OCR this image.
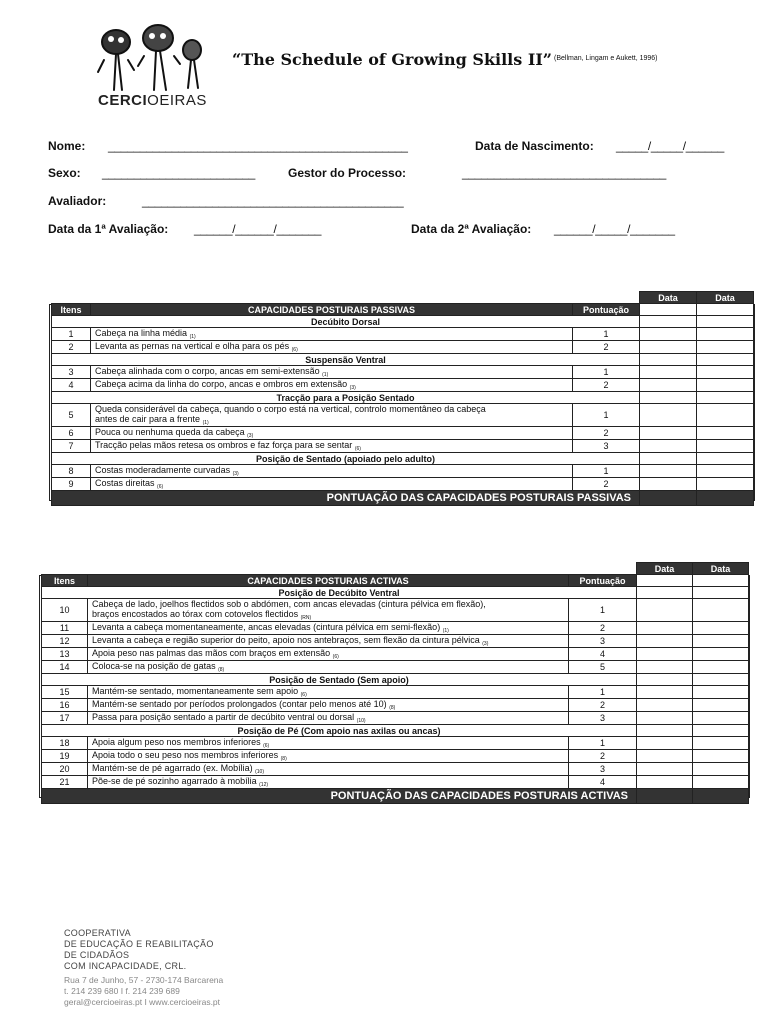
CERCIOEIRAS
“The Schedule of Growing Skills II” (Bellman, Lingam e Aukett, 1996)
Nome: _______________________________________________	Data de Nascimento: _____/_____/______
Sexo: ________________________	Gestor do Processo:	________________________________
Avaliador:	_________________________________________
Data da 1ª Avaliação: ______/______/_______	Data da 2ª Avaliação: ______/_____/_______
			Data	Data
Itens	CAPACIDADES POSTURAIS PASSIVAS	Pontuação		
Decúbito Dorsal				
1	Cabeça na linha média $_{(1)}$	1		
2	Levanta as pernas na vertical e olha para os pés $_{(6)}$	2		
Suspensão Ventral				
3	Cabeça alinhada com o corpo, ancas em semi-extensão $_{(1)}$	1		
4	Cabeça acima da linha do corpo, ancas e ombros em extensão $_{(3)}$	2		
Tracção para a Posição Sentado				
5	Queda considerável da cabeça, quando o corpo está na vertical, controlo momentâneo da cabeça
antes de cair para a frente $_{(1)}$	1		
6	Pouca ou nenhuma queda da cabeça $_{(3)}$	2		
7	Tracção pelas mãos retesa os ombros e faz força para se sentar $_{(6)}$	3		
Posição de Sentado (apoiado pelo adulto)				
8	Costas moderadamente curvadas $_{(3)}$	1		
9	Costas direitas $_{(6)}$	2		
PONTUAÇÃO DAS CAPACIDADES POSTURAIS PASSIVAS				
			Data	Data
Itens	CAPACIDADES POSTURAIS ACTIVAS	Pontuação		
Posição de Decúbito Ventral				
10	Cabeça de lado, joelhos flectidos sob o abdómen, com ancas elevadas (cintura pélvica em flexão),
braços encostados ao tórax com cotovelos flectidos $_{(RN)}$	1		
11	Levanta a cabeça momentaneamente, ancas elevadas (cintura pélvica em semi-flexão) $_{(1)}$	2		
12	Levanta a cabeça e região superior do peito, apoio nos antebraços, sem flexão da cintura pélvica $_{(3)}$	3		
13	Apoia peso nas palmas das mãos com braços em extensão $_{(6)}$	4		
14	Coloca-se na posição de gatas $_{(8)}$	5		
Posição de Sentado (Sem apoio)				
15	Mantém-se sentado, momentaneamente sem apoio $_{(6)}$	1		
16	Mantém-se sentado por períodos prolongados (contar pelo menos até 10) $_{(8)}$	2		
17	Passa para posição sentado a partir de decúbito ventral ou dorsal $_{(10)}$	3		
Posição de Pé (Com apoio nas axilas ou ancas)				
18	Apoia algum peso nos membros inferiores $_{(6)}$	1		
19	Apoia todo o seu peso nos membros inferiores $_{(8)}$	2		
20	Mantém-se de pé agarrado (ex. Mobília) $_{(10)}$	3		
21	Põe-se de pé sozinho agarrado à mobília $_{(12)}$	4		
PONTUAÇÃO DAS CAPACIDADES POSTURAIS ACTIVAS				
COOPERATIVA
DE EDUCAÇÃO E REABILITAÇÃO
DE CIDADÃOS
COM INCAPACIDADE, CRL.
Rua 7 de Junho, 57 - 2730-174 Barcarena
t. 214 239 680 I f. 214 239 689
geral@cercioeiras.pt I www.cercioeiras.pt
